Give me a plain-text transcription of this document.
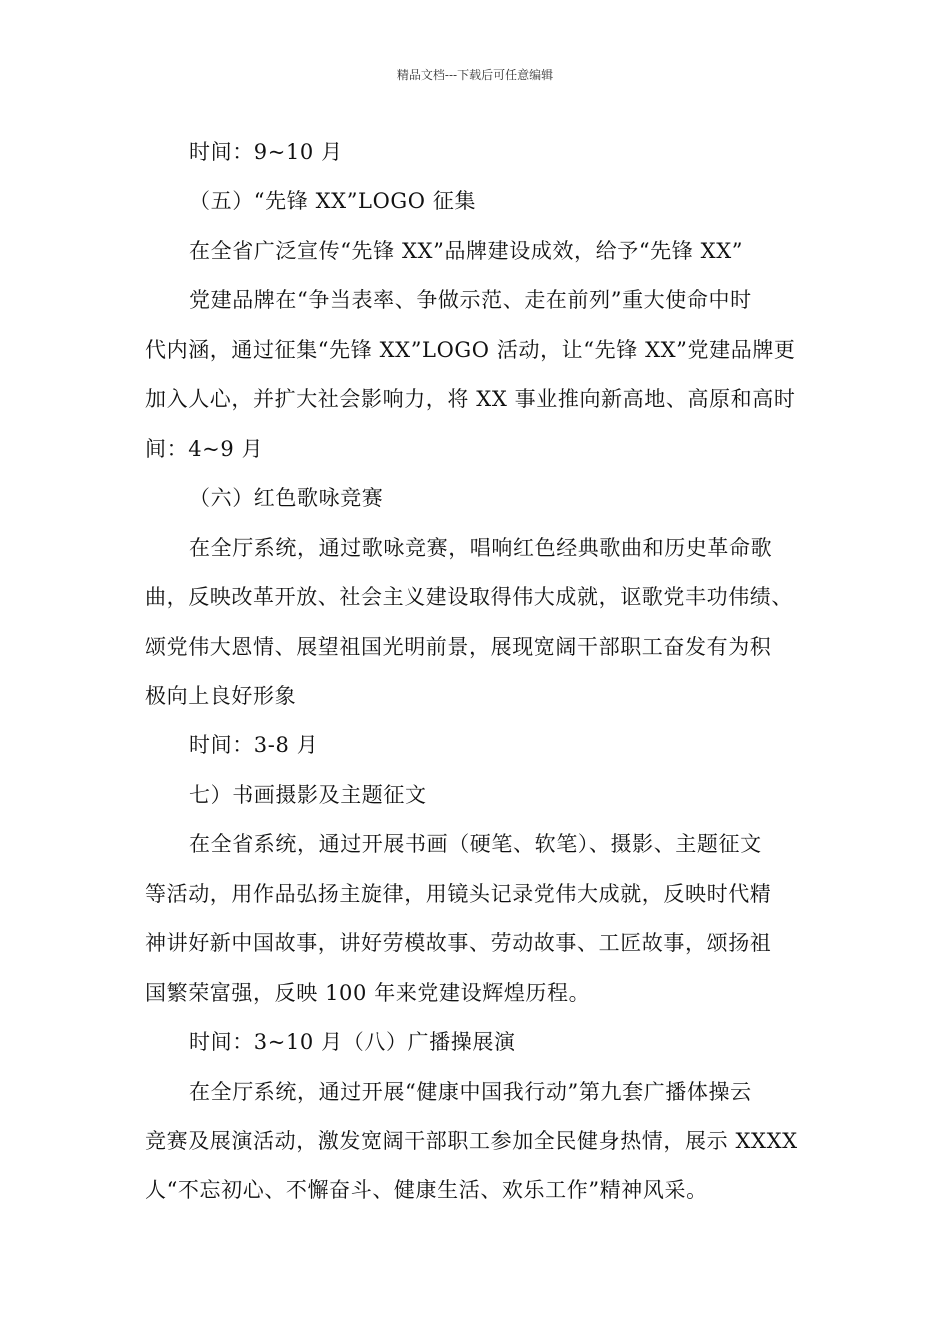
精品文档---下载后可任意编辑
时间：9~10 月
（五）“先锋 XX”LOGO 征集
在全省广泛宣传“先锋 XX”品牌建设成效，给予“先锋 XX”
党建品牌在“争当表率、争做示范、走在前列”重大使命中时
代内涵，通过征集“先锋 XX”LOGO 活动，让“先锋 XX”党建品牌更
加入人心，并扩大社会影响力，将 XX 事业推向新高地、高原和高时
间：4~9 月
（六）红色歌咏竞赛
在全厅系统，通过歌咏竞赛，唱响红色经典歌曲和历史革命歌
曲，反映改革开放、社会主义建设取得伟大成就，讴歌党丰功伟绩、
颂党伟大恩情、展望祖国光明前景，展现宽阔干部职工奋发有为积
极向上良好形象
时间：3-8 月
七）书画摄影及主题征文
在全省系统，通过开展书画（硬笔、软笔）、摄影、主题征文
等活动，用作品弘扬主旋律，用镜头记录党伟大成就，反映时代精
神讲好新中国故事，讲好劳模故事、劳动故事、工匠故事，颂扬祖
国繁荣富强，反映 100 年来党建设辉煌历程。
时间：3~10 月（八）广播操展演
在全厅系统，通过开展“健康中国我行动”第九套广播体操云
竞赛及展演活动，激发宽阔干部职工参加全民健身热情，展示 XXXX
人“不忘初心、不懈奋斗、健康生活、欢乐工作”精神风采。
